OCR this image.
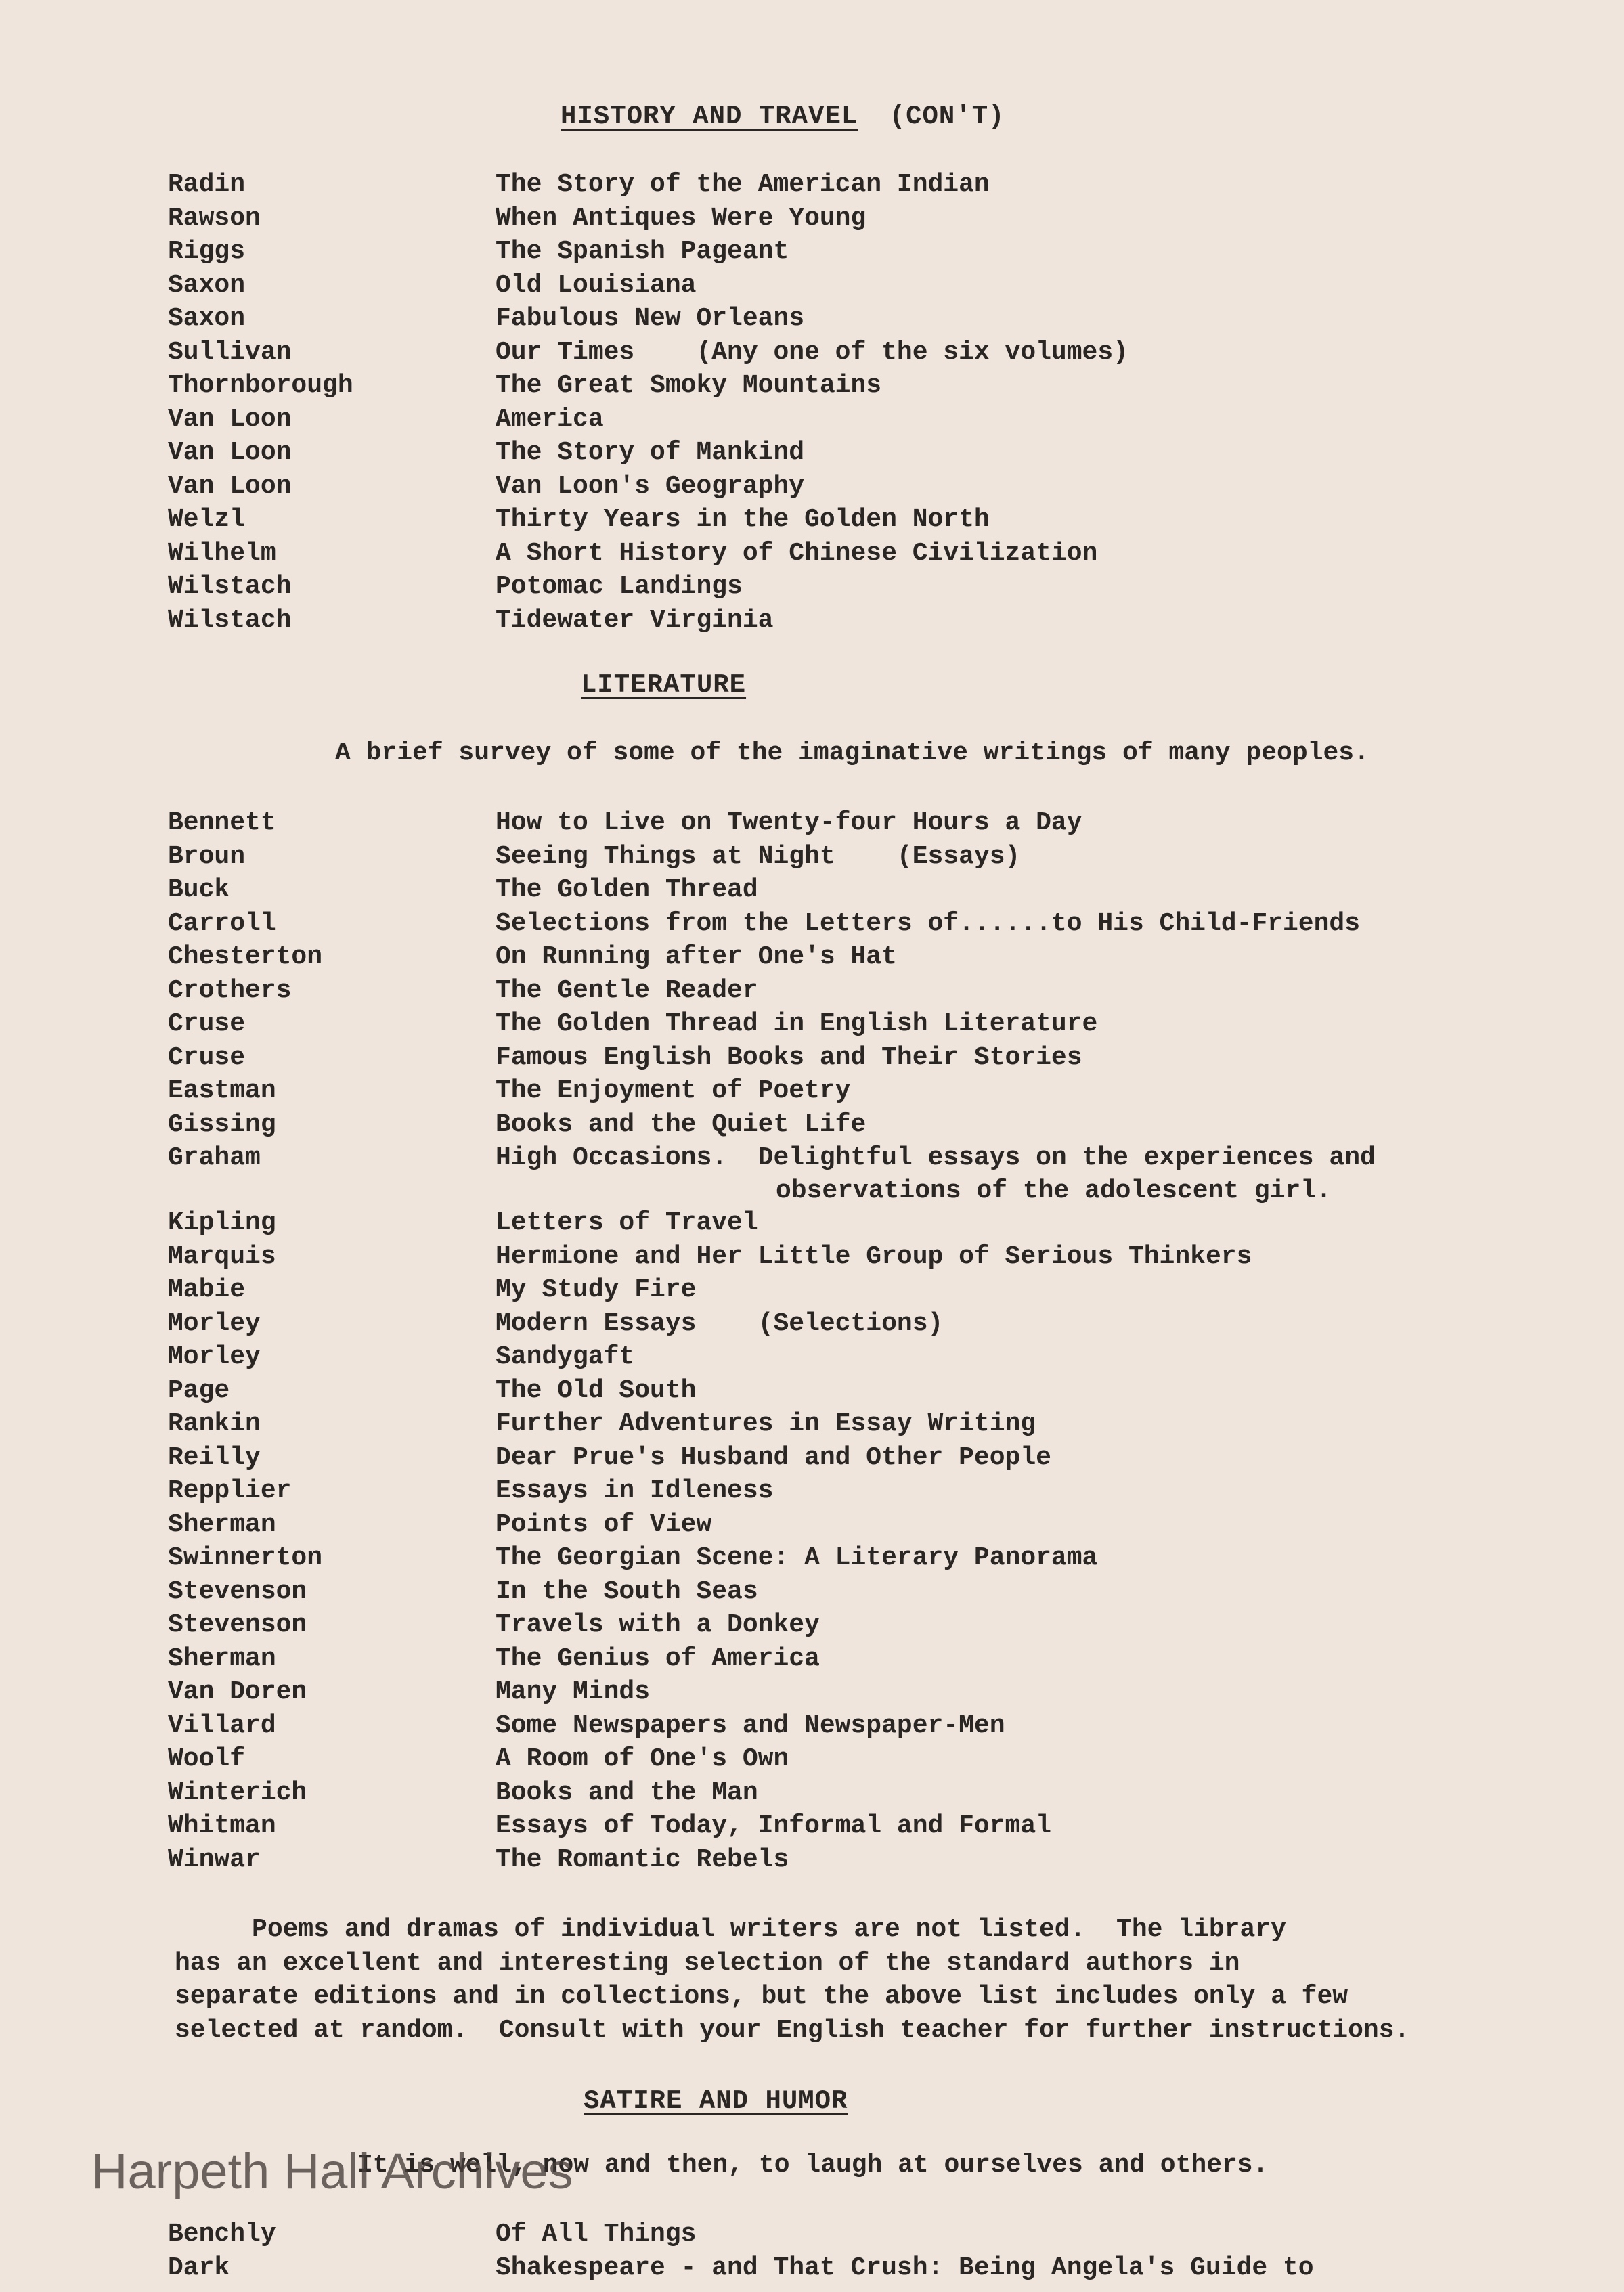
HISTORY AND TRAVEL (CON'T)
Radin	The Story of the American Indian
Rawson	When Antiques Were Young
Riggs	The Spanish Pageant
Saxon	Old Louisiana
Saxon	Fabulous New Orleans
Sullivan	Our Times    (Any one of the six volumes)
Thornborough	The Great Smoky Mountains
Van Loon	America
Van Loon	The Story of Mankind
Van Loon	Van Loon's Geography
Welzl	Thirty Years in the Golden North
Wilhelm	A Short History of Chinese Civilization
Wilstach	Potomac Landings
Wilstach	Tidewater Virginia
LITERATURE
A brief survey of some of the imaginative writings of many peoples.
Bennett	How to Live on Twenty-four Hours a Day
Broun	Seeing Things at Night    (Essays)
Buck	The Golden Thread
Carroll	Selections from the Letters of......to His Child-Friends
Chesterton	On Running after One's Hat
Crothers	The Gentle Reader
Cruse	The Golden Thread in English Literature
Cruse	Famous English Books and Their Stories
Eastman	The Enjoyment of Poetry
Gissing	Books and the Quiet Life
Graham	High Occasions.  Delightful essays on the experiences and
observations of the adolescent girl.
Kipling	Letters of Travel
Marquis	Hermione and Her Little Group of Serious Thinkers
Mabie	My Study Fire
Morley	Modern Essays    (Selections)
Morley	Sandygaft
Page	The Old South
Rankin	Further Adventures in Essay Writing
Reilly	Dear Prue's Husband and Other People
Repplier	Essays in Idleness
Sherman	Points of View
Swinnerton	The Georgian Scene: A Literary Panorama
Stevenson	In the South Seas
Stevenson	Travels with a Donkey
Sherman	The Genius of America
Van Doren	Many Minds
Villard	Some Newspapers and Newspaper-Men
Woolf	A Room of One's Own
Winterich	Books and the Man
Whitman	Essays of Today, Informal and Formal
Winwar	The Romantic Rebels
Poems and dramas of individual writers are not listed.  The library
has an excellent and interesting selection of the standard authors in
separate editions and in collections, but the above list includes only a few
selected at random.  Consult with your English teacher for further instructions.
SATIRE AND HUMOR
It is well, now and then, to laugh at ourselves and others.
Benchly	Of All Things
Dark	Shakespeare - and That Crush: Being Angela's Guide to
Harpeth Hall Archives
